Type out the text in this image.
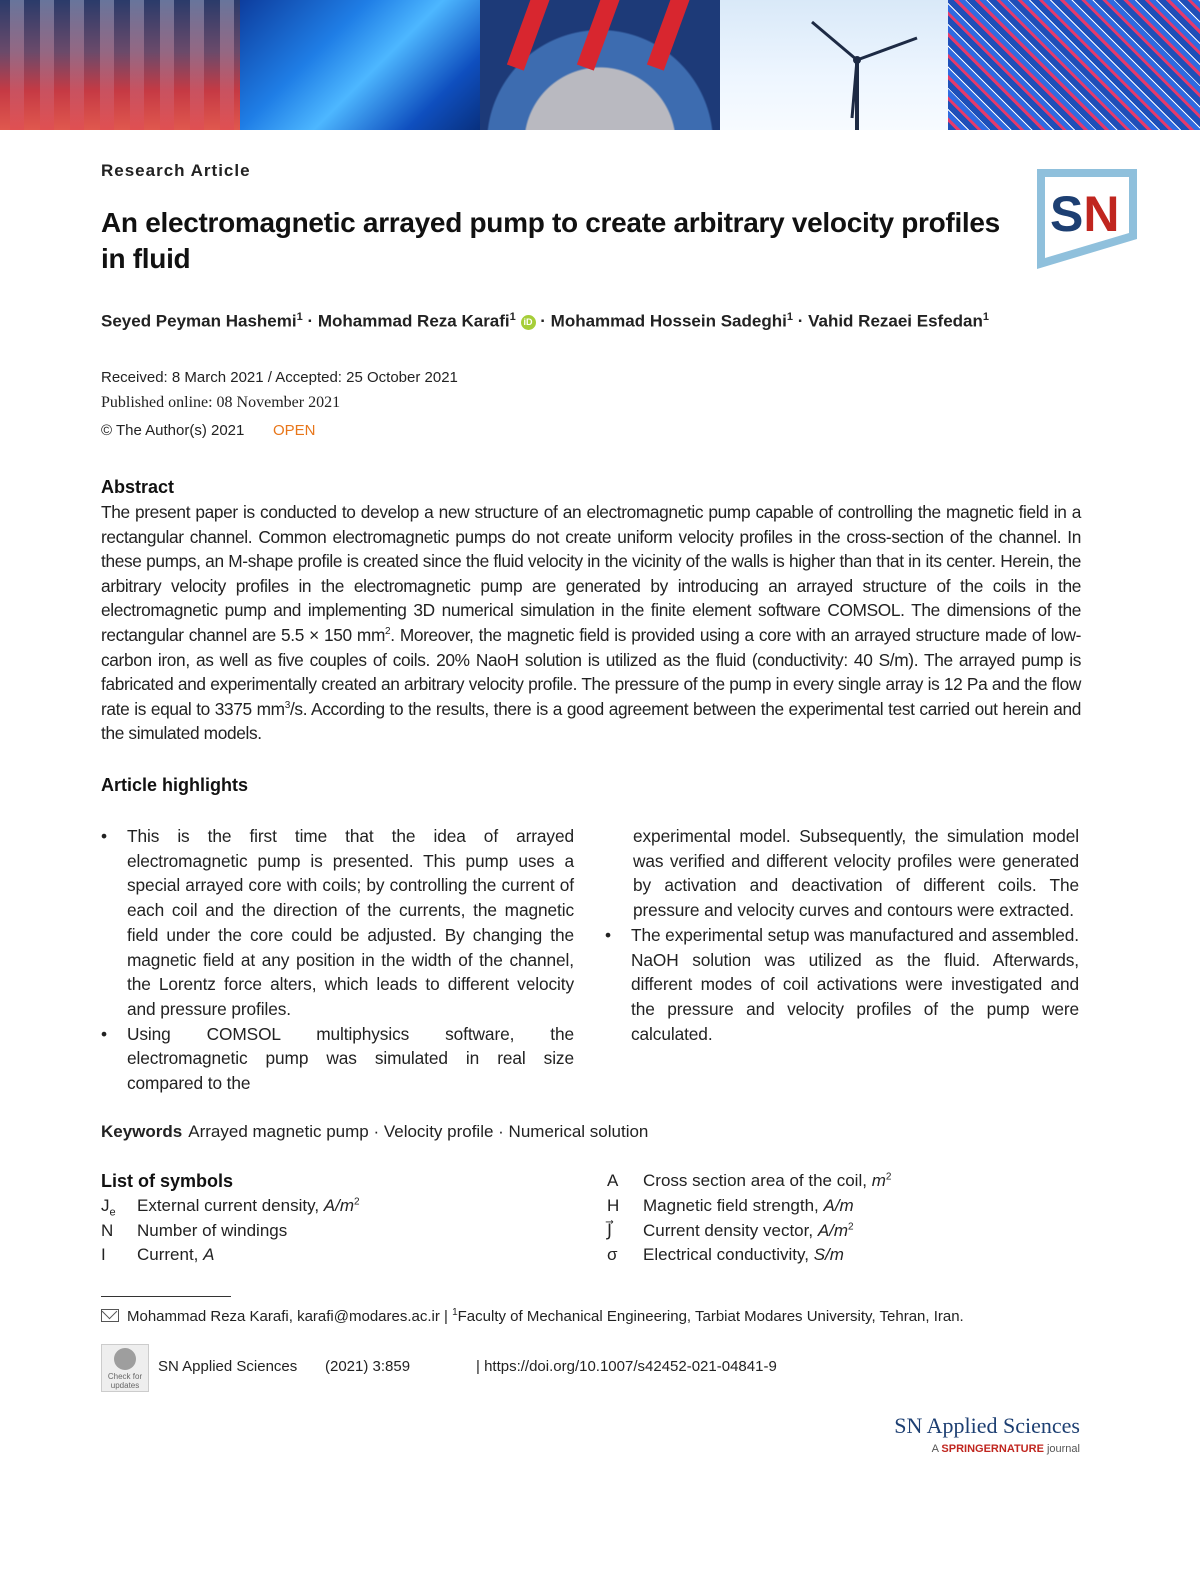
Research Article
An electromagnetic arrayed pump to create arbitrary velocity profiles in fluid
SN
Seyed Peyman Hashemi$^1$ · Mohammad Reza Karafi$^1$ iD · Mohammad Hossein Sadeghi$^1$ · Vahid Rezaei Esfedan$^1$
Received: 8 March 2021 / Accepted: 25 October 2021
Published online: 08 November 2021
© The Author(s) 2021 OPEN
Abstract
The present paper is conducted to develop a new structure of an electromagnetic pump capable of controlling the magnetic field in a rectangular channel. Common electromagnetic pumps do not create uniform velocity profiles in the cross-section of the channel. In these pumps, an M-shape profile is created since the fluid velocity in the vicinity of the walls is higher than that in its center. Herein, the arbitrary velocity profiles in the electromagnetic pump are generated by introducing an arrayed structure of the coils in the electromagnetic pump and implementing 3D numerical simulation in the finite element software COMSOL. The dimensions of the rectangular channel are 5.5 × 150 $mm^2$. Moreover, the magnetic field is provided using a core with an arrayed structure made of low-carbon iron, as well as five couples of coils. 20% NaoH solution is utilized as the fluid (conductivity: 40 S/m). The arrayed pump is fabricated and experimentally created an arbitrary velocity profile. The pressure of the pump in every single array is 12 Pa and the flow rate is equal to 3375 $mm^3/s$. According to the results, there is a good agreement between the experimental test carried out herein and the simulated models.
Article highlights
• This is the first time that the idea of arrayed electromagnetic pump is presented. This pump uses a special arrayed core with coils; by controlling the current of each coil and the direction of the currents, the magnetic field under the core could be adjusted. By changing the magnetic field at any position in the width of the channel, the Lorentz force alters, which leads to different velocity and pressure profiles.
• Using COMSOL multiphysics software, the electromagnetic pump was simulated in real size compared to the
experimental model. Subsequently, the simulation model was verified and different velocity profiles were generated by activation and deactivation of different coils. The pressure and velocity curves and contours were extracted.
• The experimental setup was manufactured and assembled. NaOH solution was utilized as the fluid. Afterwards, different modes of coil activations were investigated and the pressure and velocity profiles of the pump were calculated.
Keywords Arrayed magnetic pump · Velocity profile · Numerical solution
List of symbols
$J_e$ External current density, $A/m^2$
N Number of windings
I Current, A
A Cross section area of the coil, $m^2$
H Magnetic field strength, A/m
J⃗ Current density vector, $A/m^2$
σ Electrical conductivity, S/m
Mohammad Reza Karafi, karafi@modares.ac.ir | $^1$Faculty of Mechanical Engineering, Tarbiat Modares University, Tehran, Iran.
Check for updates
SN Applied Sciences (2021) 3:859	| https://doi.org/10.1007/s42452-021-04841-9
SN Applied Sciences
A SPRINGERNATURE journal
